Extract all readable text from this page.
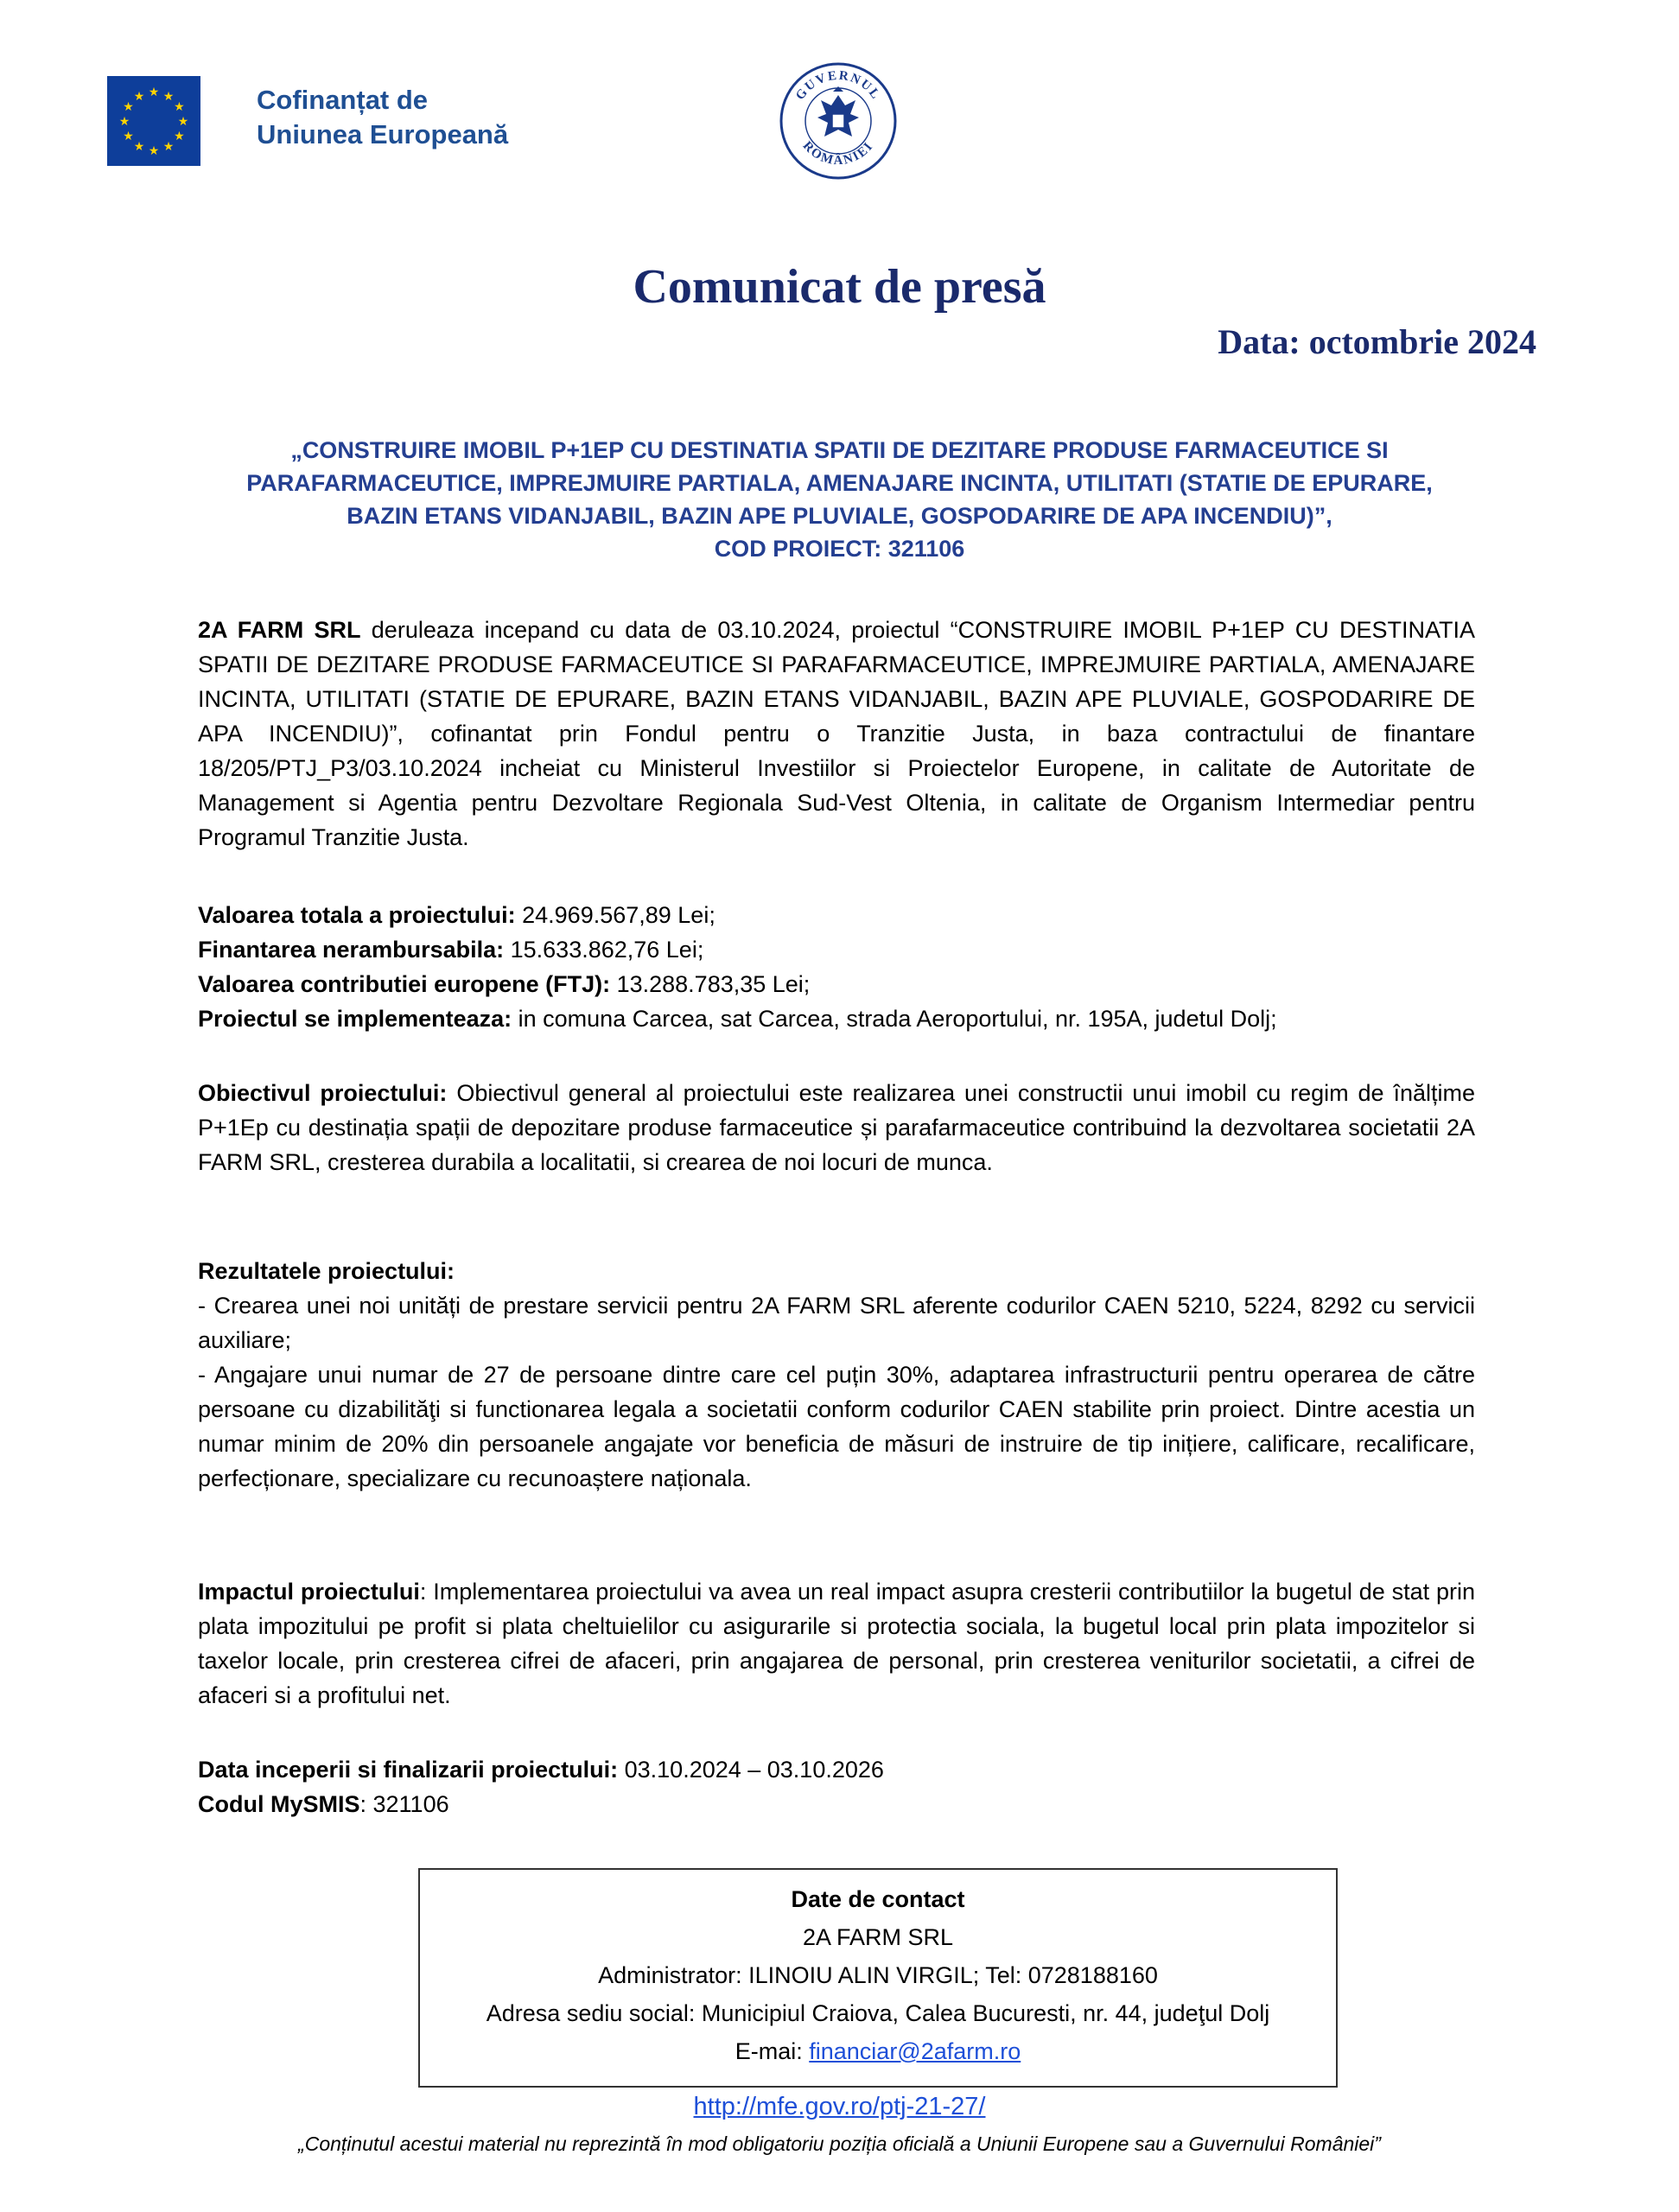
★ ★
★
★
★
★
★
★
★
★
★
★	Cofinanțat de
Uniunea Europeană
GUVERNUL
ROMÂNIEI
Comunicat de presă
Data: octombrie 2024
„CONSTRUIRE IMOBIL P+1EP CU DESTINATIA SPATII DE DEZITARE PRODUSE FARMACEUTICE SI
PARAFARMACEUTICE, IMPREJMUIRE PARTIALA, AMENAJARE INCINTA, UTILITATI (STATIE DE EPURARE,
BAZIN ETANS VIDANJABIL, BAZIN APE PLUVIALE, GOSPODARIRE DE APA INCENDIU)”,
COD PROIECT: 321106
2A FARM SRL deruleaza incepand cu data de 03.10.2024, proiectul “CONSTRUIRE IMOBIL P+1EP CU DESTINATIA SPATII DE DEZITARE PRODUSE FARMACEUTICE SI PARAFARMACEUTICE, IMPREJMUIRE PARTIALA, AMENAJARE INCINTA, UTILITATI (STATIE DE EPURARE, BAZIN ETANS VIDANJABIL, BAZIN APE PLUVIALE, GOSPODARIRE DE APA INCENDIU)”, cofinantat prin Fondul pentru o Tranzitie Justa, in baza contractului de finantare 18/205/PTJ_P3/03.10.2024 incheiat cu Ministerul Investiilor si Proiectelor Europene, in calitate de Autoritate de Management si Agentia pentru Dezvoltare Regionala Sud-Vest Oltenia, in calitate de Organism Intermediar pentru Programul Tranzitie Justa.
Valoarea totala a proiectului: 24.969.567,89 Lei;
Finantarea nerambursabila: 15.633.862,76 Lei;
Valoarea contributiei europene (FTJ): 13.288.783,35 Lei;
Proiectul se implementeaza: in comuna Carcea, sat Carcea, strada Aeroportului, nr. 195A, judetul Dolj;
Obiectivul proiectului: Obiectivul general al proiectului este realizarea unei constructii unui imobil cu regim de înălțime P+1Ep cu destinația spații de depozitare produse farmaceutice și parafarmaceutice contribuind la dezvoltarea societatii 2A FARM SRL, cresterea durabila a localitatii, si crearea de noi locuri de munca.
Rezultatele proiectului:
- Crearea unei noi unități de prestare servicii pentru 2A FARM SRL aferente codurilor CAEN 5210, 5224, 8292 cu servicii auxiliare;
- Angajare unui numar de 27 de persoane dintre care cel puțin 30%, adaptarea infrastructurii pentru operarea de către persoane cu dizabilităţi si functionarea legala a societatii conform codurilor CAEN stabilite prin proiect. Dintre acestia un numar minim de 20% din persoanele angajate vor beneficia de măsuri de instruire de tip inițiere, calificare, recalificare, perfecționare, specializare cu recunoaștere naționala.
Impactul proiectului: Implementarea proiectului va avea un real impact asupra cresterii contributiilor la bugetul de stat prin plata impozitului pe profit si plata cheltuielilor cu asigurarile si protectia sociala, la bugetul local prin plata impozitelor si taxelor locale, prin cresterea cifrei de afaceri, prin angajarea de personal, prin cresterea veniturilor societatii, a cifrei de afaceri si a profitului net.
Data inceperii si finalizarii proiectului: 03.10.2024 – 03.10.2026
Codul MySMIS: 321106
Date de contact
2A FARM SRL
Administrator: ILINOIU ALIN VIRGIL; Tel: 0728188160
Adresa sediu social: Municipiul Craiova, Calea Bucuresti, nr. 44, judeţul Dolj
E-mai: financiar@2afarm.ro
http://mfe.gov.ro/ptj-21-27/
„Conținutul acestui material nu reprezintă în mod obligatoriu poziția oficială a Uniunii Europene sau a Guvernului României”
